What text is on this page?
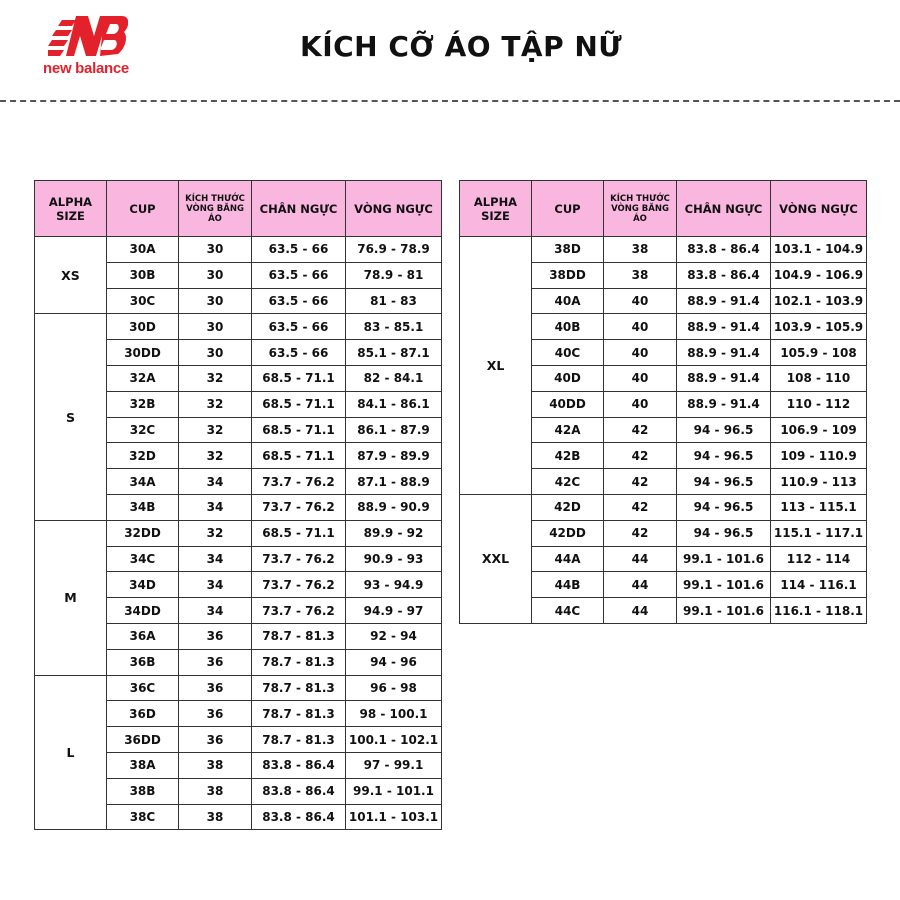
new balance
KÍCH CỠ ÁO TẬP NỮ
ALPHA
SIZE	CUP	KÍCH THƯỚC
VÒNG BĂNG
ÁO	CHÂN NGỰC	VÒNG NGỰC
XS	30A	30	63.5 - 66	76.9 - 78.9
	30B	30	63.5 - 66	78.9 - 81
	30C	30	63.5 - 66	81 - 83
S	30D	30	63.5 - 66	83 - 85.1
	30DD	30	63.5 - 66	85.1 - 87.1
	32A	32	68.5 - 71.1	82 - 84.1
	32B	32	68.5 - 71.1	84.1 - 86.1
	32C	32	68.5 - 71.1	86.1 - 87.9
	32D	32	68.5 - 71.1	87.9 - 89.9
	34A	34	73.7 - 76.2	87.1 - 88.9
	34B	34	73.7 - 76.2	88.9 - 90.9
M	32DD	32	68.5 - 71.1	89.9 - 92
	34C	34	73.7 - 76.2	90.9 - 93
	34D	34	73.7 - 76.2	93 - 94.9
	34DD	34	73.7 - 76.2	94.9 - 97
	36A	36	78.7 - 81.3	92 - 94
	36B	36	78.7 - 81.3	94 - 96
L	36C	36	78.7 - 81.3	96 - 98
	36D	36	78.7 - 81.3	98 - 100.1
	36DD	36	78.7 - 81.3	100.1 - 102.1
	38A	38	83.8 - 86.4	97 - 99.1
	38B	38	83.8 - 86.4	99.1 - 101.1
	38C	38	83.8 - 86.4	101.1 - 103.1
ALPHA
SIZE	CUP	KÍCH THƯỚC
VÒNG BĂNG
ÁO	CHÂN NGỰC	VÒNG NGỰC
XL	38D	38	83.8 - 86.4	103.1 - 104.9
	38DD	38	83.8 - 86.4	104.9 - 106.9
	40A	40	88.9 - 91.4	102.1 - 103.9
	40B	40	88.9 - 91.4	103.9 - 105.9
	40C	40	88.9 - 91.4	105.9 - 108
	40D	40	88.9 - 91.4	108 - 110
	40DD	40	88.9 - 91.4	110 - 112
	42A	42	94 - 96.5	106.9 - 109
	42B	42	94 - 96.5	109 - 110.9
	42C	42	94 - 96.5	110.9 - 113
XXL	42D	42	94 - 96.5	113 - 115.1
	42DD	42	94 - 96.5	115.1 - 117.1
	44A	44	99.1 - 101.6	112 - 114
	44B	44	99.1 - 101.6	114 - 116.1
	44C	44	99.1 - 101.6	116.1 - 118.1
